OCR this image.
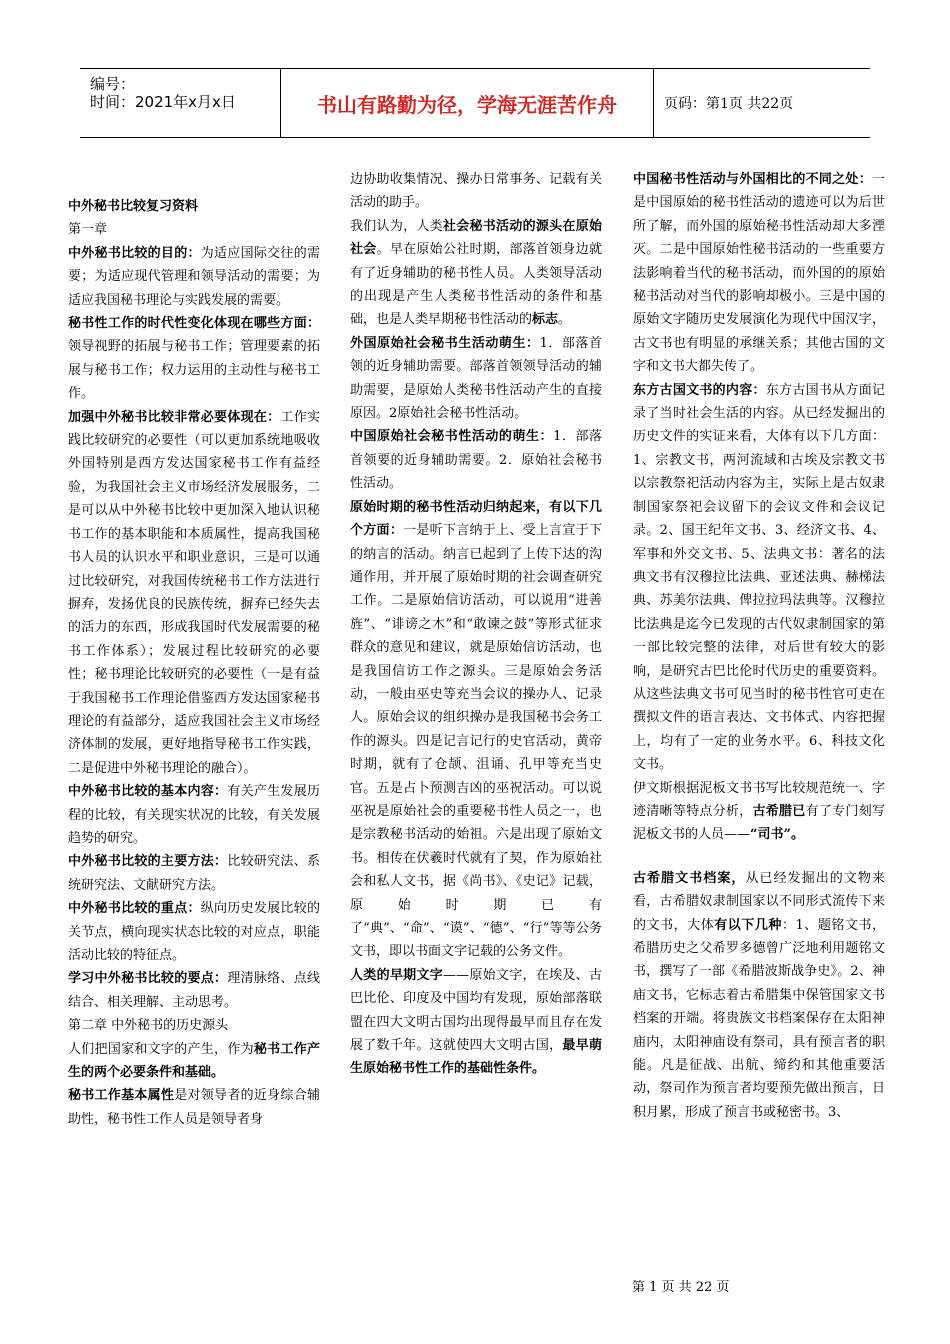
编号：
时间：2021年x月x日	书山有路勤为径，学海无涯苦作舟	页码：第1页 共22页

中外秘书比较复习资料

第一章

中外秘书比较的目的：为适应国际交往的需要；为适应现代管理和领导活动的需要；为适应我国秘书理论与实践发展的需要。

秘书性工作的时代性变化体现在哪些方面：领导视野的拓展与秘书工作；管理要素的拓展与秘书工作；权力运用的主动性与秘书工作。

加强中外秘书比较非常必要体现在：工作实践比较研究的必要性（可以更加系统地吸收外国特别是西方发达国家秘书工作有益经验，为我国社会主义市场经济发展服务，二是可以从中外秘书比较中更加深入地认识秘书工作的基本职能和本质属性，提高我国秘书人员的认识水平和职业意识，三是可以通过比较研究，对我国传统秘书工作方法进行摒弃，发扬优良的民族传统，摒弃已经失去的活力的东西，形成我国时代发展需要的秘书工作体系）；发展过程比较研究的必要性；秘书理论比较研究的必要性（一是有益于我国秘书工作理论借鉴西方发达国家秘书理论的有益部分，适应我国社会主义市场经济体制的发展，更好地指导秘书工作实践，二是促进中外秘书理论的融合）。

中外秘书比较的基本内容：有关产生发展历程的比较，有关现实状况的比较，有关发展趋势的研究。

中外秘书比较的主要方法：比较研究法、系统研究法、文献研究方法。

中外秘书比较的重点：纵向历史发展比较的关节点，横向现实状态比较的对应点，职能活动比较的特征点。

学习中外秘书比较的要点：理清脉络、点线结合、相关理解、主动思考。

第二章 中外秘书的历史源头

人们把国家和文字的产生，作为秘书工作产生的两个必要条件和基础。

秘书工作基本属性是对领导者的近身综合辅助性，秘书性工作人员是领导者身

边协助收集情况、操办日常事务、记载有关活动的助手。

我们认为，人类社会秘书活动的源头在原始社会。早在原始公社时期，部落首领身边就有了近身辅助的秘书性人员。人类领导活动的出现是产生人类秘书性活动的条件和基础，也是人类早期秘书性活动的标志。

外国原始社会秘书生活动萌生：1．部落首领的近身辅助需要。部落首领领导活动的辅助需要，是原始人类秘书性活动产生的直接原因。2原始社会秘书性活动。

中国原始社会秘书性活动的萌生：1．部落首领要的近身辅助需要。2．原始社会秘书性活动。

原始时期的秘书性活动归纳起来，有以下几个方面：一是听下言纳于上、受上言宣于下的纳言的活动。纳言已起到了上传下达的沟通作用，并开展了原始时期的社会调查研究工作。二是原始信访活动，可以说用“进善旌”、“诽谤之木”和“敢谏之鼓”等形式征求群众的意见和建议，就是原始信访活动，也是我国信访工作之源头。三是原始会务活动，一般由巫史等充当会议的操办人、记录人。原始会议的组织操办是我国秘书会务工作的源头。四是记言记行的史官活动，黄帝时期，就有了仓颉、沮诵、孔甲等充当史官。五是占卜预测吉凶的巫祝活动。可以说巫祝是原始社会的重要秘书性人员之一，也是宗教秘书活动的始祖。六是出现了原始文书。相传在伏羲时代就有了契，作为原始社会和私人文书，据《尚书》、《史记》记载，原始时期已有了“典”、“命”、“谟”、“德”、“行”等等公务文书，即以书面文字记载的公务文件。

人类的早期文字——原始文字，在埃及、古巴比伦、印度及中国均有发现，原始部落联盟在四大文明古国均出现得最早而且存在发展了数千年。这就使四大文明古国，最早萌生原始秘书性工作的基础性条件。

中国秘书性活动与外国相比的不同之处：一是中国原始的秘书性活动的遗迹可以为后世所了解，而外国的原始秘书性活动却大多湮灭。二是中国原始性秘书活动的一些重要方法影响着当代的秘书活动，而外国的的原始秘书活动对当代的影响却极小。三是中国的原始文字随历史发展演化为现代中国汉字，古文书也有明显的承继关系；其他古国的文字和文书大都失传了。

东方古国文书的内容：东方古国书从方面记录了当时社会生活的内容。从已经发掘出的历史文件的实证来看，大体有以下几方面：1、宗教文书，两河流域和古埃及宗教文书以宗教祭祀活动内容为主，实际上是古奴隶制国家祭祀会议留下的会议文件和会议记录。2、国王纪年文书、3、经济文书、4、军事和外交文书、5、法典文书：著名的法典文书有汉穆拉比法典、亚述法典、赫梯法典、苏美尔法典、俾拉拉玛法典等。汉穆拉比法典是迄今已发现的古代奴隶制国家的第一部比较完整的法律，对后世有较大的影响，是研究古巴比伦时代历史的重要资料。从这些法典文书可见当时的秘书性官可吏在撰拟文件的语言表达、文书体式、内容把握上，均有了一定的业务水平。6、科技文化文书。

伊文斯根据泥板文书书写比较规范统一、字迹清晰等特点分析，古希腊已有了专门刻写泥板文书的人员——“司书”。

古希腊文书档案，从已经发掘出的文物来看，古希腊奴隶制国家以不同形式流传下来的文书，大体有以下几种：1、题铭文书，希腊历史之父希罗多德曾广泛地利用题铭文书，撰写了一部《希腊波斯战争史》。2、神庙文书，它标志着古希腊集中保管国家文书档案的开端。将贵族文书档案保存在太阳神庙内，太阳神庙设有祭司，具有预言者的职能。凡是征战、出航、缔约和其他重要活动，祭司作为预言者均要预先做出预言，日积月累，形成了预言书或秘密书。3、

第 1 页 共 22 页
